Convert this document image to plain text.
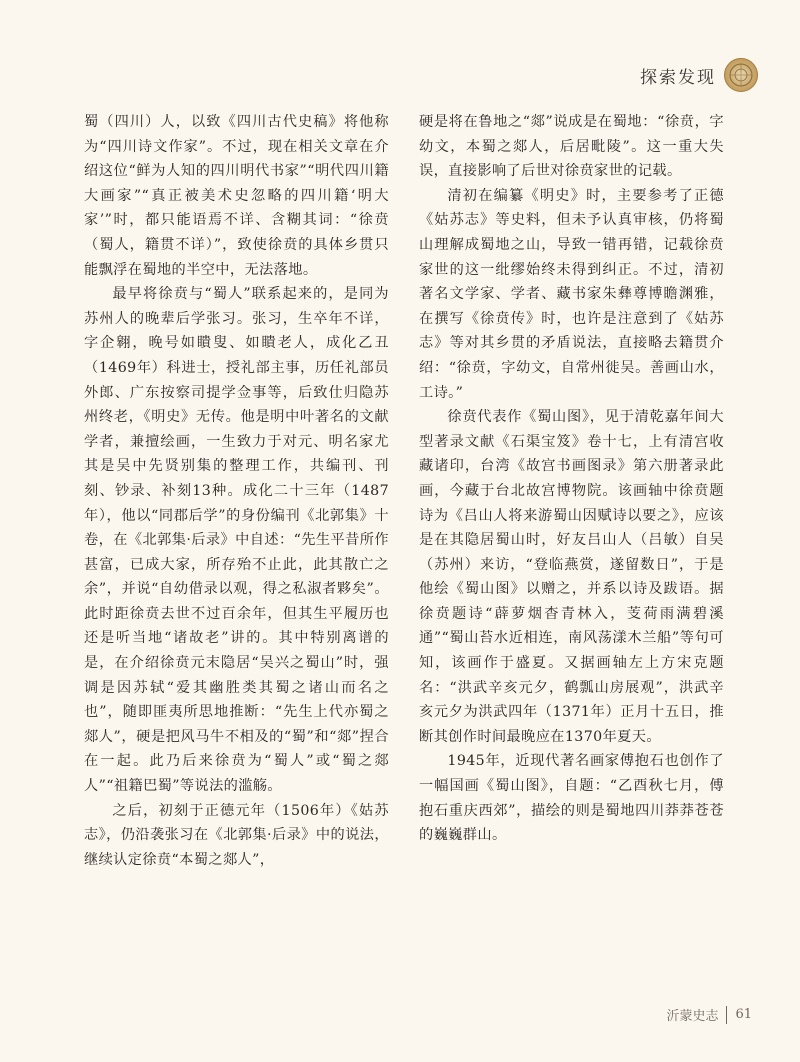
探索发现

蜀（四川）人，以致《四川古代史稿》将他称为“四川诗文作家”。不过，现在相关文章在介绍这位“鲜为人知的四川明代书家”“明代四川籍大画家”“真正被美术史忽略的四川籍‘明大家’”时，都只能语焉不详、含糊其词：“徐贲（蜀人，籍贯不详）”，致使徐贲的具体乡贯只能飘浮在蜀地的半空中，无法落地。

最早将徐贲与“蜀人”联系起来的，是同为苏州人的晚辈后学张习。张习，生卒年不详，字企翱，晚号如瞶叟、如瞶老人，成化乙丑（1469年）科进士，授礼部主事，历任礼部员外郎、广东按察司提学佥事等，后致仕归隐苏州终老，《明史》无传。他是明中叶著名的文献学者，兼擅绘画，一生致力于对元、明名家尤其是吴中先贤别集的整理工作，共编刊、刊刻、钞录、补刻13种。成化二十三年（1487年），他以“同郡后学”的身份编刊《北郭集》十卷，在《北郭集·后录》中自述：“先生平昔所作甚富，已成大家，所存殆不止此，此其散亡之余”，并说“自幼借录以观，得之私淑者夥矣”。此时距徐贲去世不过百余年，但其生平履历也还是听当地“诸故老”讲的。其中特别离谱的是，在介绍徐贲元末隐居“吴兴之蜀山”时，强调是因苏轼“爱其幽胜类其蜀之诸山而名之也”，随即匪夷所思地推断：“先生上代亦蜀之郯人”，硬是把风马牛不相及的“蜀”和“郯”捏合在一起。此乃后来徐贲为“蜀人”或“蜀之郯人”“祖籍巴蜀”等说法的滥觞。

之后，初刻于正德元年（1506年）《姑苏志》，仍沿袭张习在《北郭集·后录》中的说法，继续认定徐贲“本蜀之郯人”，

硬是将在鲁地之“郯”说成是在蜀地：“徐贲，字幼文，本蜀之郯人，后居毗陵”。这一重大失误，直接影响了后世对徐贲家世的记载。

清初在编纂《明史》时，主要参考了正德《姑苏志》等史料，但未予认真审核，仍将蜀山理解成蜀地之山，导致一错再错，记载徐贲家世的这一纰缪始终未得到纠正。不过，清初著名文学家、学者、藏书家朱彝尊博瞻渊雅，在撰写《徐贲传》时，也许是注意到了《姑苏志》等对其乡贯的矛盾说法，直接略去籍贯介绍：“徐贲，字幼文，自常州徙吴。善画山水，工诗。”

徐贲代表作《蜀山图》，见于清乾嘉年间大型著录文献《石渠宝笈》卷十七，上有清宫收藏诸印，台湾《故宫书画图录》第六册著录此画，今藏于台北故宫博物院。该画轴中徐贲题诗为《吕山人将来游蜀山因赋诗以要之》，应该是在其隐居蜀山时，好友吕山人（吕敏）自吴（苏州）来访，“登临燕赏，遂留数日”，于是他绘《蜀山图》以赠之，并系以诗及跋语。据徐贲题诗“薜萝烟杳青林入，芰荷雨满碧溪通”“蜀山苔水近相连，南风荡漾木兰船”等句可知，该画作于盛夏。又据画轴左上方宋克题名：“洪武辛亥元夕，鹤瓢山房展观”，洪武辛亥元夕为洪武四年（1371年）正月十五日，推断其创作时间最晚应在1370年夏天。

1945年，近现代著名画家傅抱石也创作了一幅国画《蜀山图》，自题：“乙酉秋七月，傅抱石重庆西郊”，描绘的则是蜀地四川莽莽苍苍的巍巍群山。

沂蒙史志 61
